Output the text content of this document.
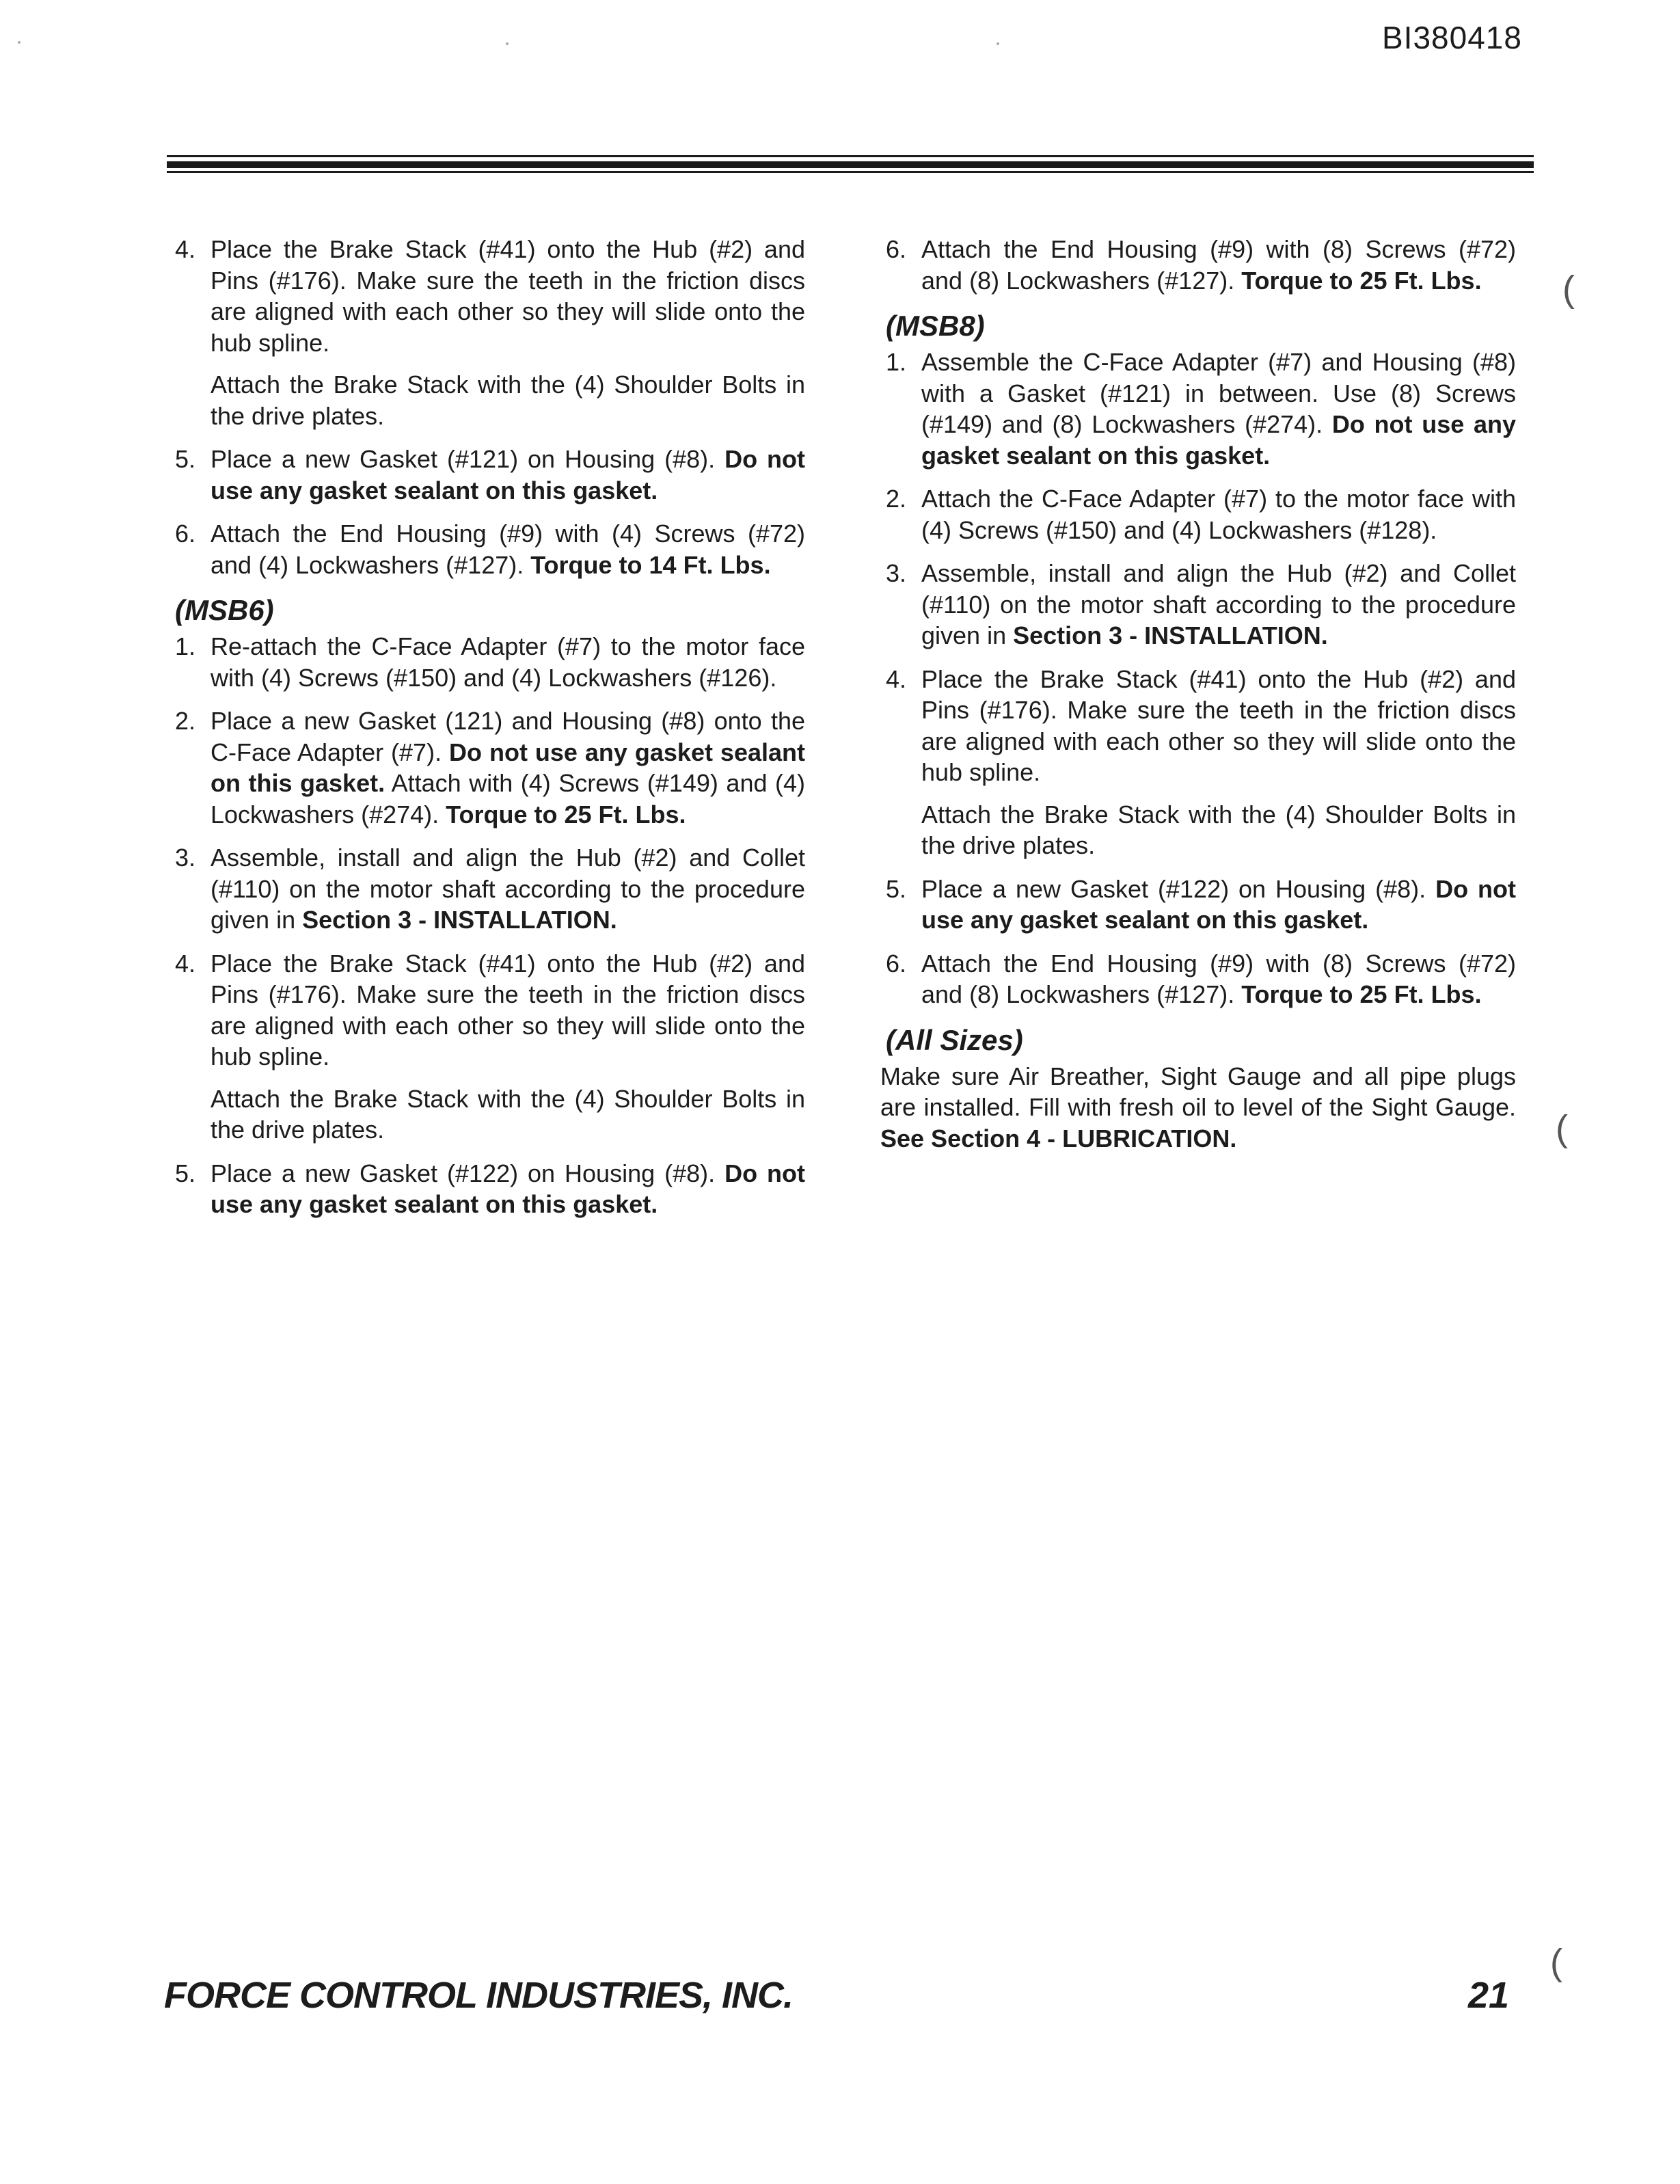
BI380418
4. Place the Brake Stack (#41) onto the Hub (#2) and Pins (#176). Make sure the teeth in the friction discs are aligned with each other so they will slide onto the hub spline.

Attach the Brake Stack with the (4) Shoulder Bolts in the drive plates.

5. Place a new Gasket (#121) on Housing (#8). Do not use any gasket sealant on this gasket.

6. Attach the End Housing (#9) with (4) Screws (#72) and (4) Lockwashers (#127). Torque to 14 Ft. Lbs.

(MSB6)
1. Re-attach the C-Face Adapter (#7) to the motor face with (4) Screws (#150) and (4) Lockwashers (#126).

2. Place a new Gasket (121) and Housing (#8) onto the C-Face Adapter (#7). Do not use any gasket sealant on this gasket. Attach with (4) Screws (#149) and (4) Lockwashers (#274). Torque to 25 Ft. Lbs.

3. Assemble, install and align the Hub (#2) and Collet (#110) on the motor shaft according to the procedure given in Section 3 - INSTALLATION.

4. Place the Brake Stack (#41) onto the Hub (#2) and Pins (#176). Make sure the teeth in the friction discs are aligned with each other so they will slide onto the hub spline.

Attach the Brake Stack with the (4) Shoulder Bolts in the drive plates.

5. Place a new Gasket (#122) on Housing (#8). Do not use any gasket sealant on this gasket.

6. Attach the End Housing (#9) with (8) Screws (#72) and (8) Lockwashers (#127). Torque to 25 Ft. Lbs.

(MSB8)
1. Assemble the C-Face Adapter (#7) and Housing (#8) with a Gasket (#121) in between. Use (8) Screws (#149) and (8) Lockwashers (#274). Do not use any gasket sealant on this gasket.

2. Attach the C-Face Adapter (#7) to the motor face with (4) Screws (#150) and (4) Lockwashers (#128).

3. Assemble, install and align the Hub (#2) and Collet (#110) on the motor shaft according to the procedure given in Section 3 - INSTALLATION.

4. Place the Brake Stack (#41) onto the Hub (#2) and Pins (#176). Make sure the teeth in the friction discs are aligned with each other so they will slide onto the hub spline.

Attach the Brake Stack with the (4) Shoulder Bolts in the drive plates.

5. Place a new Gasket (#122) on Housing (#8). Do not use any gasket sealant on this gasket.

6. Attach the End Housing (#9) with (8) Screws (#72) and (8) Lockwashers (#127). Torque to 25 Ft. Lbs.

(All Sizes)

Make sure Air Breather, Sight Gauge and all pipe plugs are installed. Fill with fresh oil to level of the Sight Gauge. See Section 4 - LUBRICATION.

(
(
(
FORCE CONTROL INDUSTRIES, INC.	21
